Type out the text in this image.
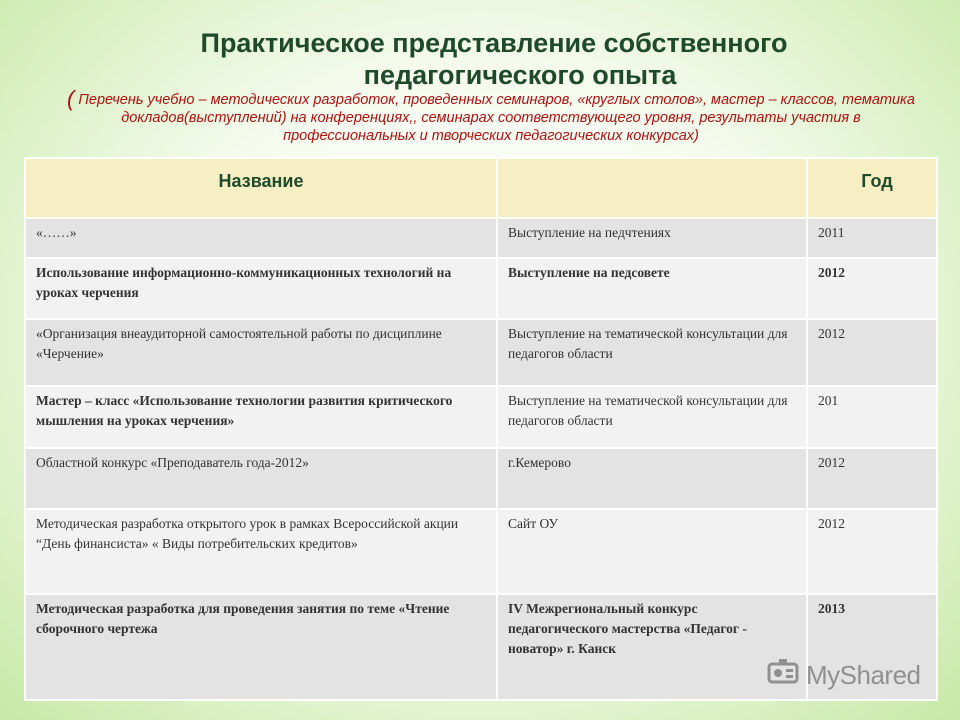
Практическое представление собственного
педагогического опыта
( Перечень учебно – методических разработок, проведенных семинаров, «круглых столов», мастер – классов, тематика докладов(выступлений) на конференциях,, семинарах соответствующего уровня, результаты участия в профессиональных и творческих педагогических конкурсах)
Название		Год

«……»	Выступление на педчтениях	2011

Использование информационно-коммуникационных технологий на уроках черчения	Выступление на педсовете	2012

«Организация внеаудиторной самостоятельной работы по дисциплине «Черчение»	Выступление на тематической консультации для педагогов области	2012

Мастер – класс «Использование технологии развития критического мышления на уроках черчения»	Выступление на тематической консультации для педагогов области	201

Областной конкурс «Преподаватель года-2012»	г.Кемерово	2012

Методическая разработка открытого урок в рамках Всероссийской акции “День финансиста» « Виды потребительских кредитов»	Сайт ОУ	2012

Методическая разработка для проведения занятия по теме «Чтение сборочного чертежа	IV Межрегиональный конкурс педагогического мастерства «Педагог - новатор» г. Канск	2013
MyShared
